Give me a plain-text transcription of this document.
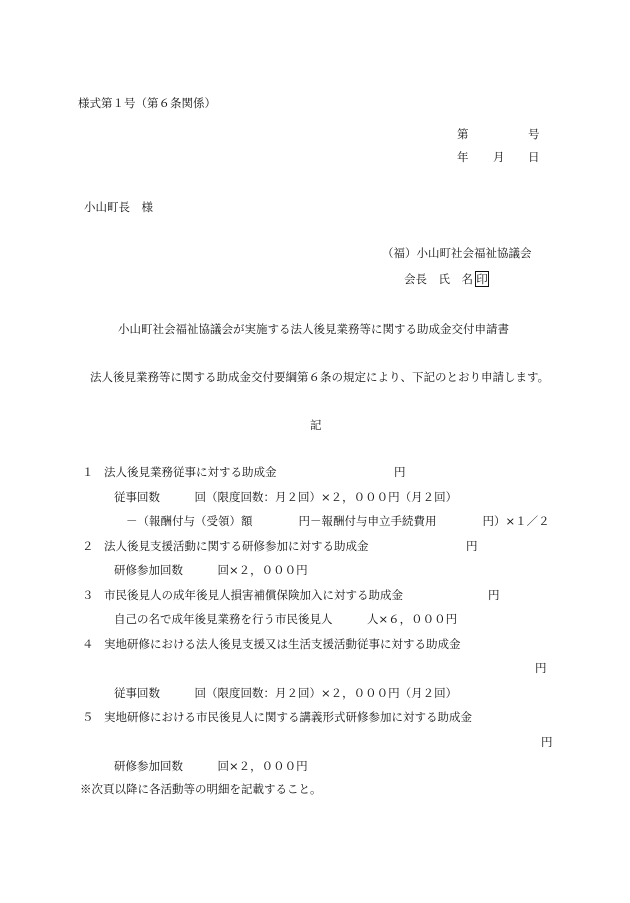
様式第１号（第６条関係）
第	号
年 月 日
小山町長　様
（福）小山町社会福祉協議会
会長　氏　名 印
小山町社会福祉協議会が実施する法人後見業務等に関する助成金交付申請書
法人後見業務等に関する助成金交付要綱第６条の規定により、下記のとおり申請します。
記
１ 法人後見業務従事に対する助成金	円
従事回数　　　回（限度回数：月２回）×２，０００円（月２回）
－（報酬付与（受領）額　　　　円－報酬付与申立手続費用　　　　円）×１／２
２ 法人後見支援活動に関する研修参加に対する助成金	円
研修参加回数　　　回×２，０００円
３ 市民後見人の成年後見人損害補償保険加入に対する助成金	円
自己の名で成年後見業務を行う市民後見人　　　人×６，０００円
４ 実地研修における法人後見支援又は生活支援活動従事に対する助成金
円
従事回数　　　回（限度回数：月２回）×２，０００円（月２回）
５ 実地研修における市民後見人に関する講義形式研修参加に対する助成金
円
研修参加回数　　　回×２，０００円
※次頁以降に各活動等の明細を記載すること。
